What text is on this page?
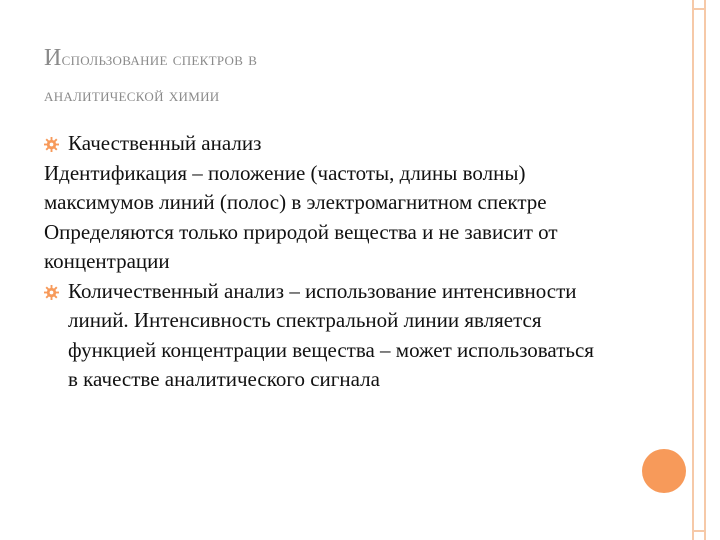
Использование спектров в
аналитической химии
Качественный анализ
Идентификация – положение (частоты, длины волны) максимумов линий (полос) в электромагнитном спектре
Определяются только природой вещества и не зависит от концентрации
Количественный анализ – использование интенсивности линий. Интенсивность спектральной линии является функцией концентрации вещества – может использоваться в качестве аналитического сигнала
